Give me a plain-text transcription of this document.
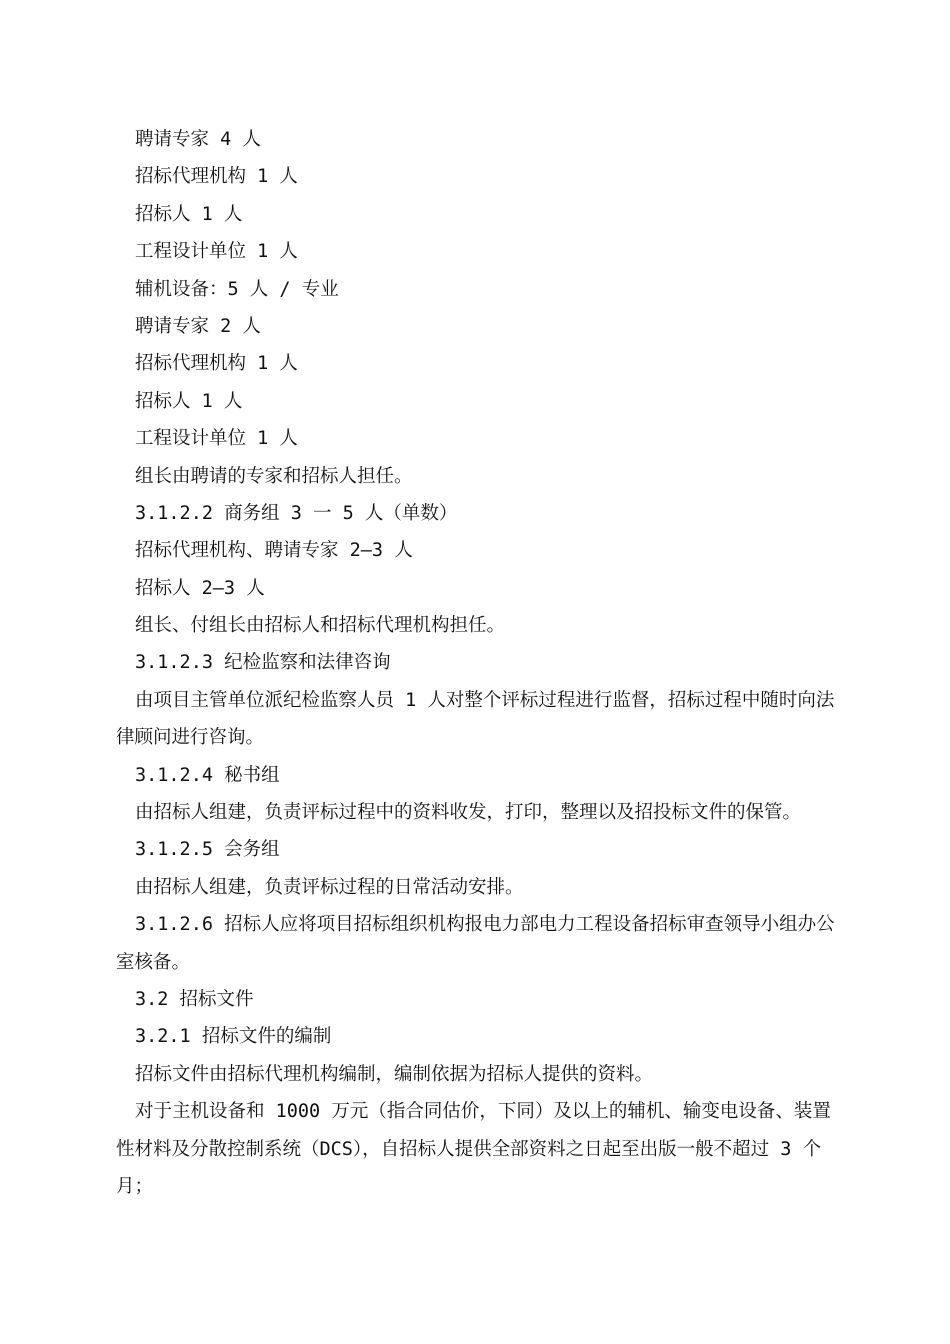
聘请专家 4 人
招标代理机构 1 人
招标人 1 人
工程设计单位 1 人
辅机设备：5 人 / 专业
聘请专家 2 人
招标代理机构 1 人
招标人 1 人
工程设计单位 1 人
组长由聘请的专家和招标人担任。
3.1.2.2 商务组 3 一 5 人（单数）
招标代理机构、聘请专家 2—3 人
招标人 2—3 人
组长、付组长由招标人和招标代理机构担任。
3.1.2.3 纪检监察和法律咨询
由项目主管单位派纪检监察人员 1 人对整个评标过程进行监督，招标过程中随时向法律顾问进行咨询。
3.1.2.4 秘书组
由招标人组建，负责评标过程中的资料收发，打印，整理以及招投标文件的保管。
3.1.2.5 会务组
由招标人组建，负责评标过程的日常活动安排。
3.1.2.6 招标人应将项目招标组织机构报电力部电力工程设备招标审查领导小组办公室核备。
3.2 招标文件
3.2.1 招标文件的编制
招标文件由招标代理机构编制，编制依据为招标人提供的资料。
对于主机设备和 1000 万元（指合同估价，下同）及以上的辅机、输变电设备、装置性材料及分散控制系统（DCS），自招标人提供全部资料之日起至出版一般不超过 3 个月；
